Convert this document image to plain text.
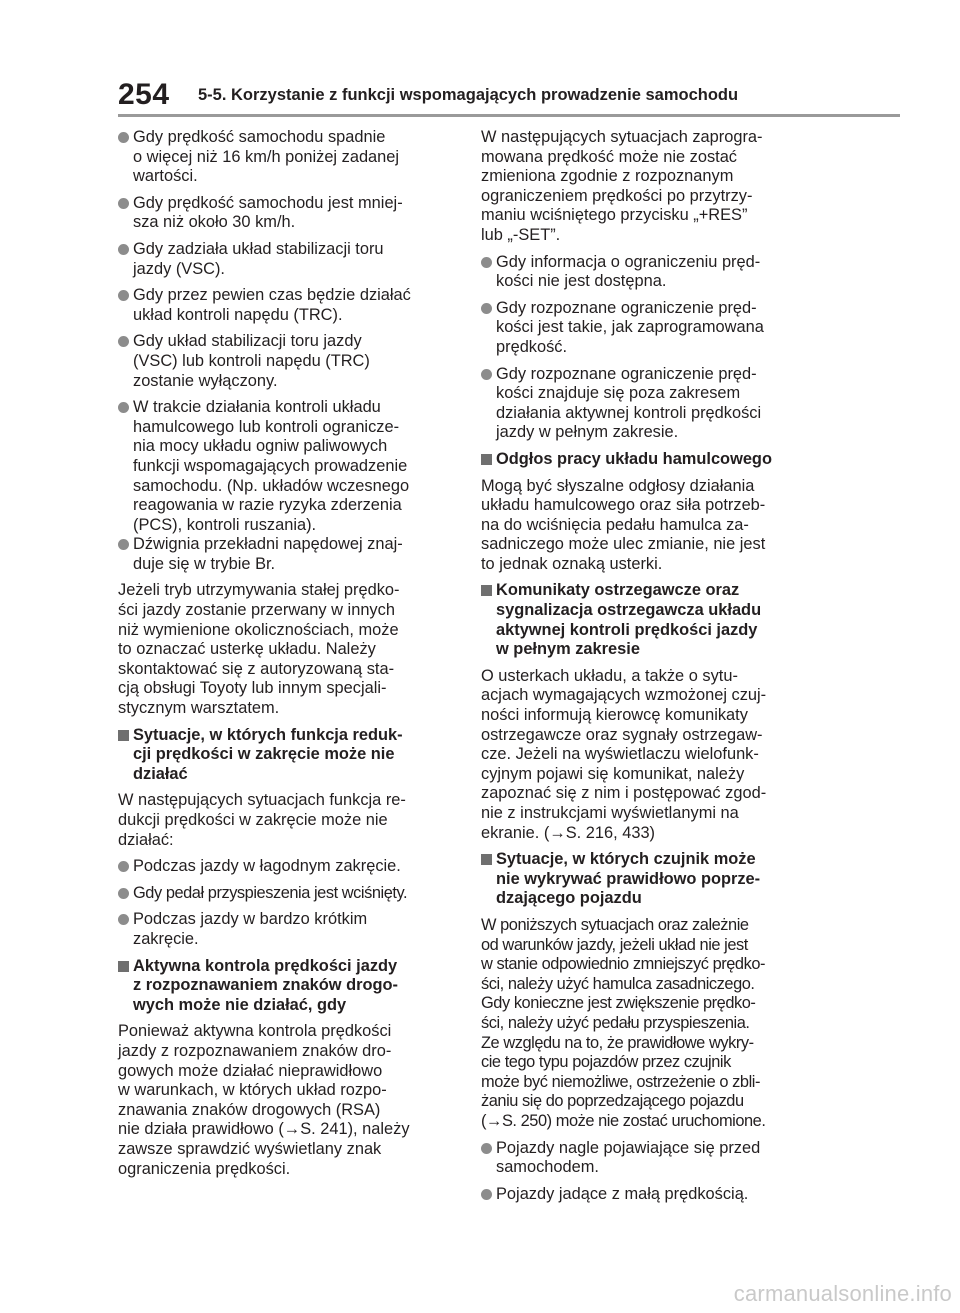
254 5-5. Korzystanie z funkcji wspomagających prowadzenie samochodu
Gdy prędkość samochodu spadnie
o więcej niż 16 km/h poniżej zadanej
wartości.
Gdy prędkość samochodu jest mniej-
sza niż około 30 km/h.
Gdy zadziała układ stabilizacji toru
jazdy (VSC).
Gdy przez pewien czas będzie działać
układ kontroli napędu (TRC).
Gdy układ stabilizacji toru jazdy
(VSC) lub kontroli napędu (TRC)
zostanie wyłączony.
W trakcie działania kontroli układu
hamulcowego lub kontroli ogranicze-
nia mocy układu ogniw paliwowych
funkcji wspomagających prowadzenie
samochodu. (Np. układów wczesnego
reagowania w razie ryzyka zderzenia
(PCS), kontroli ruszania).
Dźwignia przekładni napędowej znaj-
duje się w trybie Br.
Jeżeli tryb utrzymywania stałej prędko-
ści jazdy zostanie przerwany w innych
niż wymienione okolicznościach, może
to oznaczać usterkę układu. Należy
skontaktować się z autoryzowaną sta-
cją obsługi Toyoty lub innym specjali-
stycznym warsztatem.
Sytuacje, w których funkcja reduk-
cji prędkości w zakręcie może nie
działać
W następujących sytuacjach funkcja re-
dukcji prędkości w zakręcie może nie
działać:
Podczas jazdy w łagodnym zakręcie.
Gdy pedał przyspieszenia jest wciśnięty.
Podczas jazdy w bardzo krótkim
zakręcie.
Aktywna kontrola prędkości jazdy
z rozpoznawaniem znaków drogo-
wych może nie działać, gdy
Ponieważ aktywna kontrola prędkości
jazdy z rozpoznawaniem znaków dro-
gowych może działać nieprawidłowo
w warunkach, w których układ rozpo-
znawania znaków drogowych (RSA)
nie działa prawidłowo (→S. 241), należy
zawsze sprawdzić wyświetlany znak
ograniczenia prędkości.
W następujących sytuacjach zaprogra-
mowana prędkość może nie zostać
zmieniona zgodnie z rozpoznanym
ograniczeniem prędkości po przytrzy-
maniu wciśniętego przycisku „+RES”
lub „-SET”.
Gdy informacja o ograniczeniu pręd-
kości nie jest dostępna.
Gdy rozpoznane ograniczenie pręd-
kości jest takie, jak zaprogramowana
prędkość.
Gdy rozpoznane ograniczenie pręd-
kości znajduje się poza zakresem
działania aktywnej kontroli prędkości
jazdy w pełnym zakresie.
Odgłos pracy układu hamulcowego
Mogą być słyszalne odgłosy działania
układu hamulcowego oraz siła potrzeb-
na do wciśnięcia pedału hamulca za-
sadniczego może ulec zmianie, nie jest
to jednak oznaką usterki.
Komunikaty ostrzegawcze oraz
sygnalizacja ostrzegawcza układu
aktywnej kontroli prędkości jazdy
w pełnym zakresie
O usterkach układu, a także o sytu-
acjach wymagających wzmożonej czuj-
ności informują kierowcę komunikaty
ostrzegawcze oraz sygnały ostrzegaw-
cze. Jeżeli na wyświetlaczu wielofunk-
cyjnym pojawi się komunikat, należy
zapoznać się z nim i postępować zgod-
nie z instrukcjami wyświetlanymi na
ekranie. (→S. 216, 433)
Sytuacje, w których czujnik może
nie wykrywać prawidłowo poprze-
dzającego pojazdu
W poniższych sytuacjach oraz zależnie
od warunków jazdy, jeżeli układ nie jest
w stanie odpowiednio zmniejszyć prędko-
ści, należy użyć hamulca zasadniczego.
Gdy konieczne jest zwiększenie prędko-
ści, należy użyć pedału przyspieszenia.
Ze względu na to, że prawidłowe wykry-
cie tego typu pojazdów przez czujnik
może być niemożliwe, ostrzeżenie o zbli-
żaniu się do poprzedzającego pojazdu
(→S. 250) może nie zostać uruchomione.
Pojazdy nagle pojawiające się przed
samochodem.
Pojazdy jadące z małą prędkością.
carmanualsonline.info
